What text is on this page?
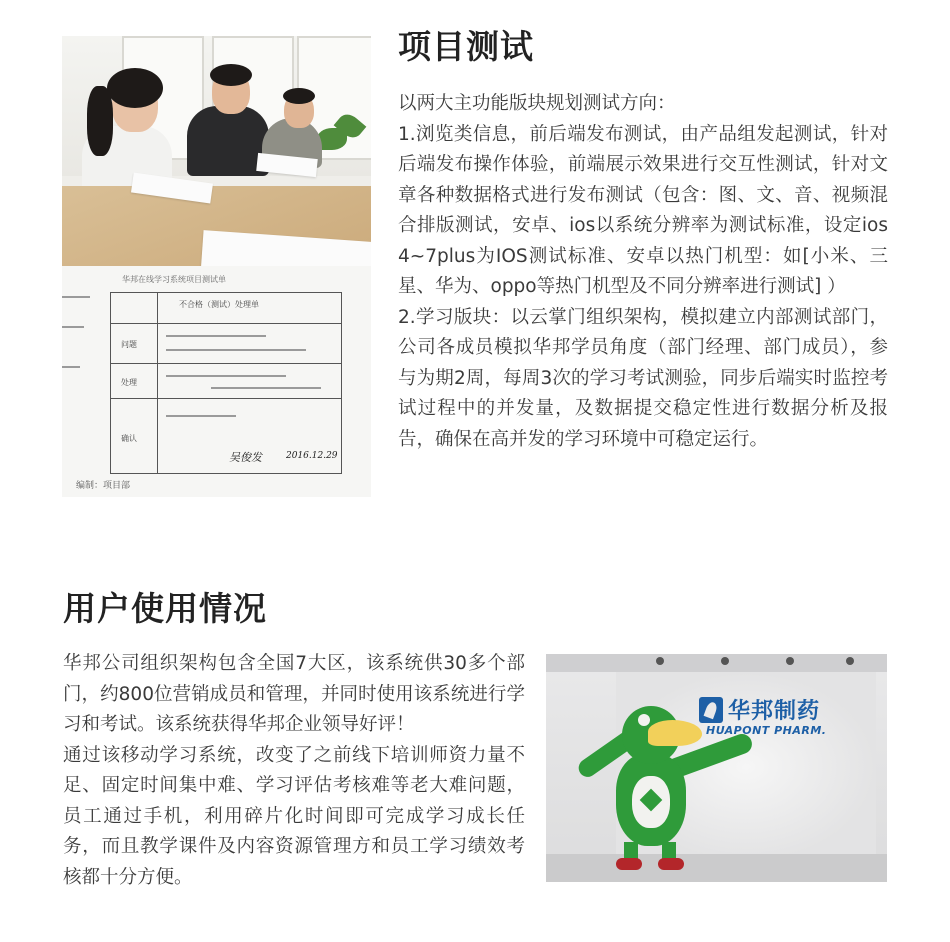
华邦在线学习系统项目测试单
不合格（测试）处理单
问题
处理
确认
吴俊发	2016.12.29
编制：项目部
项目测试

以两大主功能版块规划测试方向：

1.浏览类信息，前后端发布测试，由产品组发起测试，针对后端发布操作体验，前端展示效果进行交互性测试，针对文章各种数据格式进行发布测试（包含：图、文、音、视频混合排版测试，安卓、ios以系统分辨率为测试标准，设定ios 4~7plus为IOS测试标准、安卓以热门机型：如[小米、三星、华为、oppo等热门机型及不同分辨率进行测试] ）

2.学习版块：以云掌门组织架构，模拟建立内部测试部门，公司各成员模拟华邦学员角度（部门经理、部门成员），参与为期2周，每周3次的学习考试测验，同步后端实时监控考试过程中的并发量，及数据提交稳定性进行数据分析及报告，确保在高并发的学习环境中可稳定运行。

用户使用情况

华邦公司组织架构包含全国7大区，该系统供30多个部门，约800位营销成员和管理，并同时使用该系统进行学习和考试。该系统获得华邦企业领导好评！

通过该移动学习系统，改变了之前线下培训师资力量不足、固定时间集中难、学习评估考核难等老大难问题，员工通过手机，利用碎片化时间即可完成学习成长任务，而且教学课件及内容资源管理方和员工学习绩效考核都十分方便。

华邦制药
HUAPONT PHARM.
